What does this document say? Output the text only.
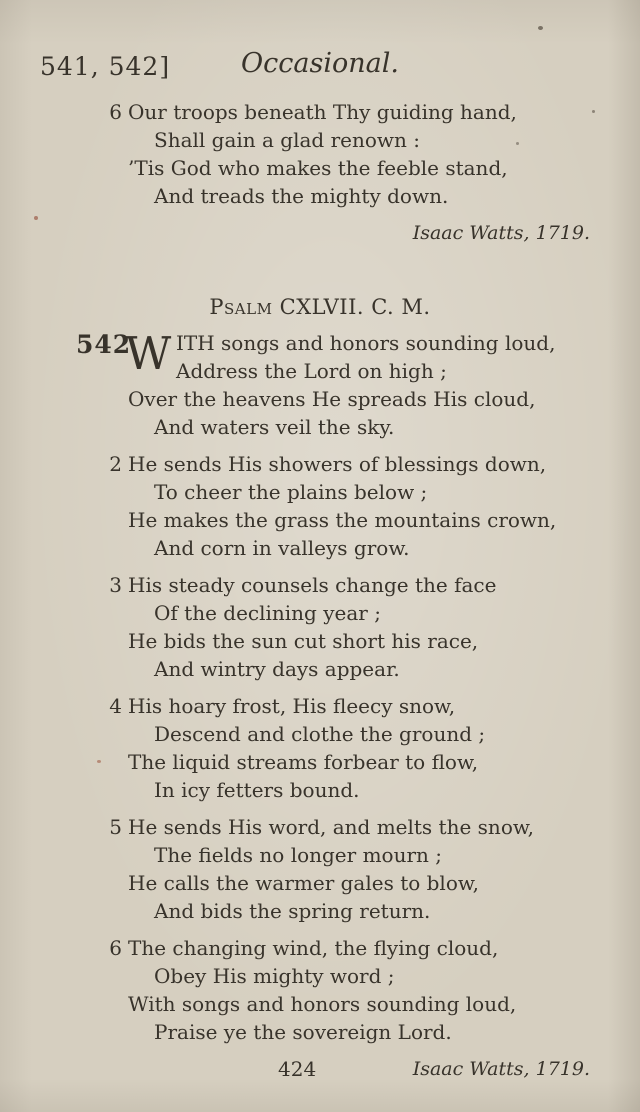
541, 542]	Occasional.
6 Our troops beneath Thy guiding hand,
Shall gain a glad renown :
’Tis God who makes the feeble stand,
And treads the mighty down.
Isaac Watts, 1719.
Psalm CXLVII. C. M.
542
W ITH songs and honors sounding loud,
Address the Lord on high ;
Over the heavens He spreads His cloud,
And waters veil the sky.
2 He sends His showers of blessings down,
To cheer the plains below ;
He makes the grass the mountains crown,
And corn in valleys grow.
3 His steady counsels change the face
Of the declining year ;
He bids the sun cut short his race,
And wintry days appear.
4 His hoary frost, His fleecy snow,
Descend and clothe the ground ;
The liquid streams forbear to flow,
In icy fetters bound.
5 He sends His word, and melts the snow,
The fields no longer mourn ;
He calls the warmer gales to blow,
And bids the spring return.
6 The changing wind, the flying cloud,
Obey His mighty word ;
With songs and honors sounding loud,
Praise ye the sovereign Lord.
424	Isaac Watts, 1719.
